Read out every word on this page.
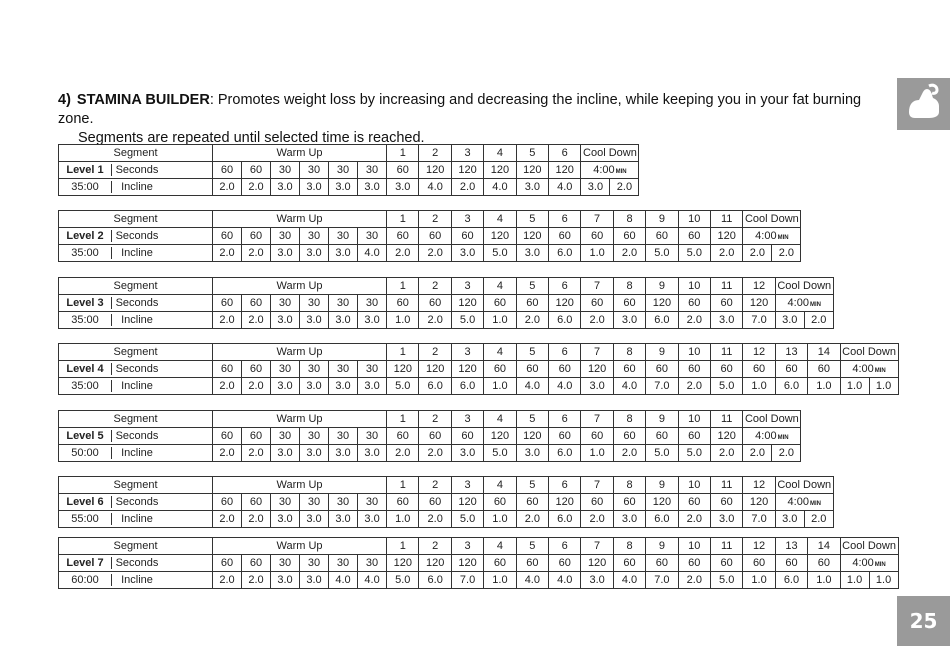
4) STAMINA BUILDER: Promotes weight loss by increasing and decreasing the incline, while keeping you in your fat burning zone.
Segments are repeated until selected time is reached.
25
Segment	Warm Up						1	2	3	4	5	6	Cool Down	
Level 1 Seconds	60	60	30	30	30	30	60	120	120	120	120	120	4:00MIN	
35:00 Incline	2.0	2.0	3.0	3.0	3.0	3.0	3.0	4.0	2.0	4.0	3.0	4.0	3.0	2.0
Segment	Warm Up						1	2	3	4	5	6	7	8	9	10	11	Cool Down	
Level 2 Seconds	60	60	30	30	30	30	60	60	60	120	120	60	60	60	60	60	120	4:00MIN	
35:00 Incline	2.0	2.0	3.0	3.0	3.0	4.0	2.0	2.0	3.0	5.0	3.0	6.0	1.0	2.0	5.0	5.0	2.0	2.0	2.0
Segment	Warm Up						1	2	3	4	5	6	7	8	9	10	11	12	Cool Down	
Level 3 Seconds	60	60	30	30	30	30	60	60	120	60	60	120	60	60	120	60	60	120	4:00MIN	
35:00 Incline	2.0	2.0	3.0	3.0	3.0	3.0	1.0	2.0	5.0	1.0	2.0	6.0	2.0	3.0	6.0	2.0	3.0	7.0	3.0	2.0
Segment	Warm Up						1	2	3	4	5	6	7	8	9	10	11	12	13	14	Cool Down	
Level 4 Seconds	60	60	30	30	30	30	120	120	120	60	60	60	120	60	60	60	60	60	60	60	4:00MIN	
35:00 Incline	2.0	2.0	3.0	3.0	3.0	3.0	5.0	6.0	6.0	1.0	4.0	4.0	3.0	4.0	7.0	2.0	5.0	1.0	6.0	1.0	1.0	1.0
Segment	Warm Up						1	2	3	4	5	6	7	8	9	10	11	Cool Down	
Level 5 Seconds	60	60	30	30	30	30	60	60	60	120	120	60	60	60	60	60	120	4:00MIN	
50:00 Incline	2.0	2.0	3.0	3.0	3.0	3.0	2.0	2.0	3.0	5.0	3.0	6.0	1.0	2.0	5.0	5.0	2.0	2.0	2.0
Segment	Warm Up						1	2	3	4	5	6	7	8	9	10	11	12	Cool Down	
Level 6 Seconds	60	60	30	30	30	30	60	60	120	60	60	120	60	60	120	60	60	120	4:00MIN	
55:00 Incline	2.0	2.0	3.0	3.0	3.0	3.0	1.0	2.0	5.0	1.0	2.0	6.0	2.0	3.0	6.0	2.0	3.0	7.0	3.0	2.0
Segment	Warm Up						1	2	3	4	5	6	7	8	9	10	11	12	13	14	Cool Down	
Level 7 Seconds	60	60	30	30	30	30	120	120	120	60	60	60	120	60	60	60	60	60	60	60	4:00MIN	
60:00 Incline	2.0	2.0	3.0	3.0	4.0	4.0	5.0	6.0	7.0	1.0	4.0	4.0	3.0	4.0	7.0	2.0	5.0	1.0	6.0	1.0	1.0	1.0
